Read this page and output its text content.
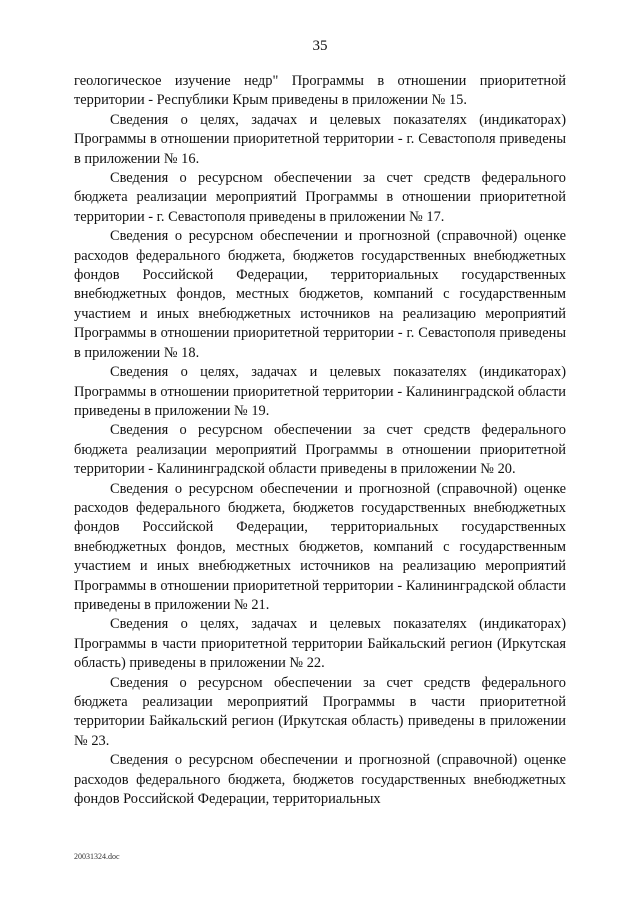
35

геологическое изучение недр" Программы в отношении приоритетной территории - Республики Крым приведены в приложении № 15.

Сведения о целях, задачах и целевых показателях (индикаторах) Программы в отношении приоритетной территории - г. Севастополя приведены в приложении № 16.

Сведения о ресурсном обеспечении за счет средств федерального бюджета реализации мероприятий Программы в отношении приоритетной территории - г. Севастополя приведены в приложении № 17.

Сведения о ресурсном обеспечении и прогнозной (справочной) оценке расходов федерального бюджета, бюджетов государственных внебюджетных фондов Российской Федерации, территориальных государственных внебюджетных фондов, местных бюджетов, компаний с государственным участием и иных внебюджетных источников на реализацию мероприятий Программы в отношении приоритетной территории - г. Севастополя приведены в приложении № 18.

Сведения о целях, задачах и целевых показателях (индикаторах) Программы в отношении приоритетной территории - Калининградской области приведены в приложении № 19.

Сведения о ресурсном обеспечении за счет средств федерального бюджета реализации мероприятий Программы в отношении приоритетной территории - Калининградской области приведены в приложении № 20.

Сведения о ресурсном обеспечении и прогнозной (справочной) оценке расходов федерального бюджета, бюджетов государственных внебюджетных фондов Российской Федерации, территориальных государственных внебюджетных фондов, местных бюджетов, компаний с государственным участием и иных внебюджетных источников на реализацию мероприятий Программы в отношении приоритетной территории - Калининградской области приведены в приложении № 21.

Сведения о целях, задачах и целевых показателях (индикаторах) Программы в части приоритетной территории Байкальский регион (Иркутская область) приведены в приложении № 22.

Сведения о ресурсном обеспечении за счет средств федерального бюджета реализации мероприятий Программы в части приоритетной территории Байкальский регион (Иркутская область) приведены в приложении № 23.

Сведения о ресурсном обеспечении и прогнозной (справочной) оценке расходов федерального бюджета, бюджетов государственных внебюджетных фондов Российской Федерации, территориальных

20031324.doc
